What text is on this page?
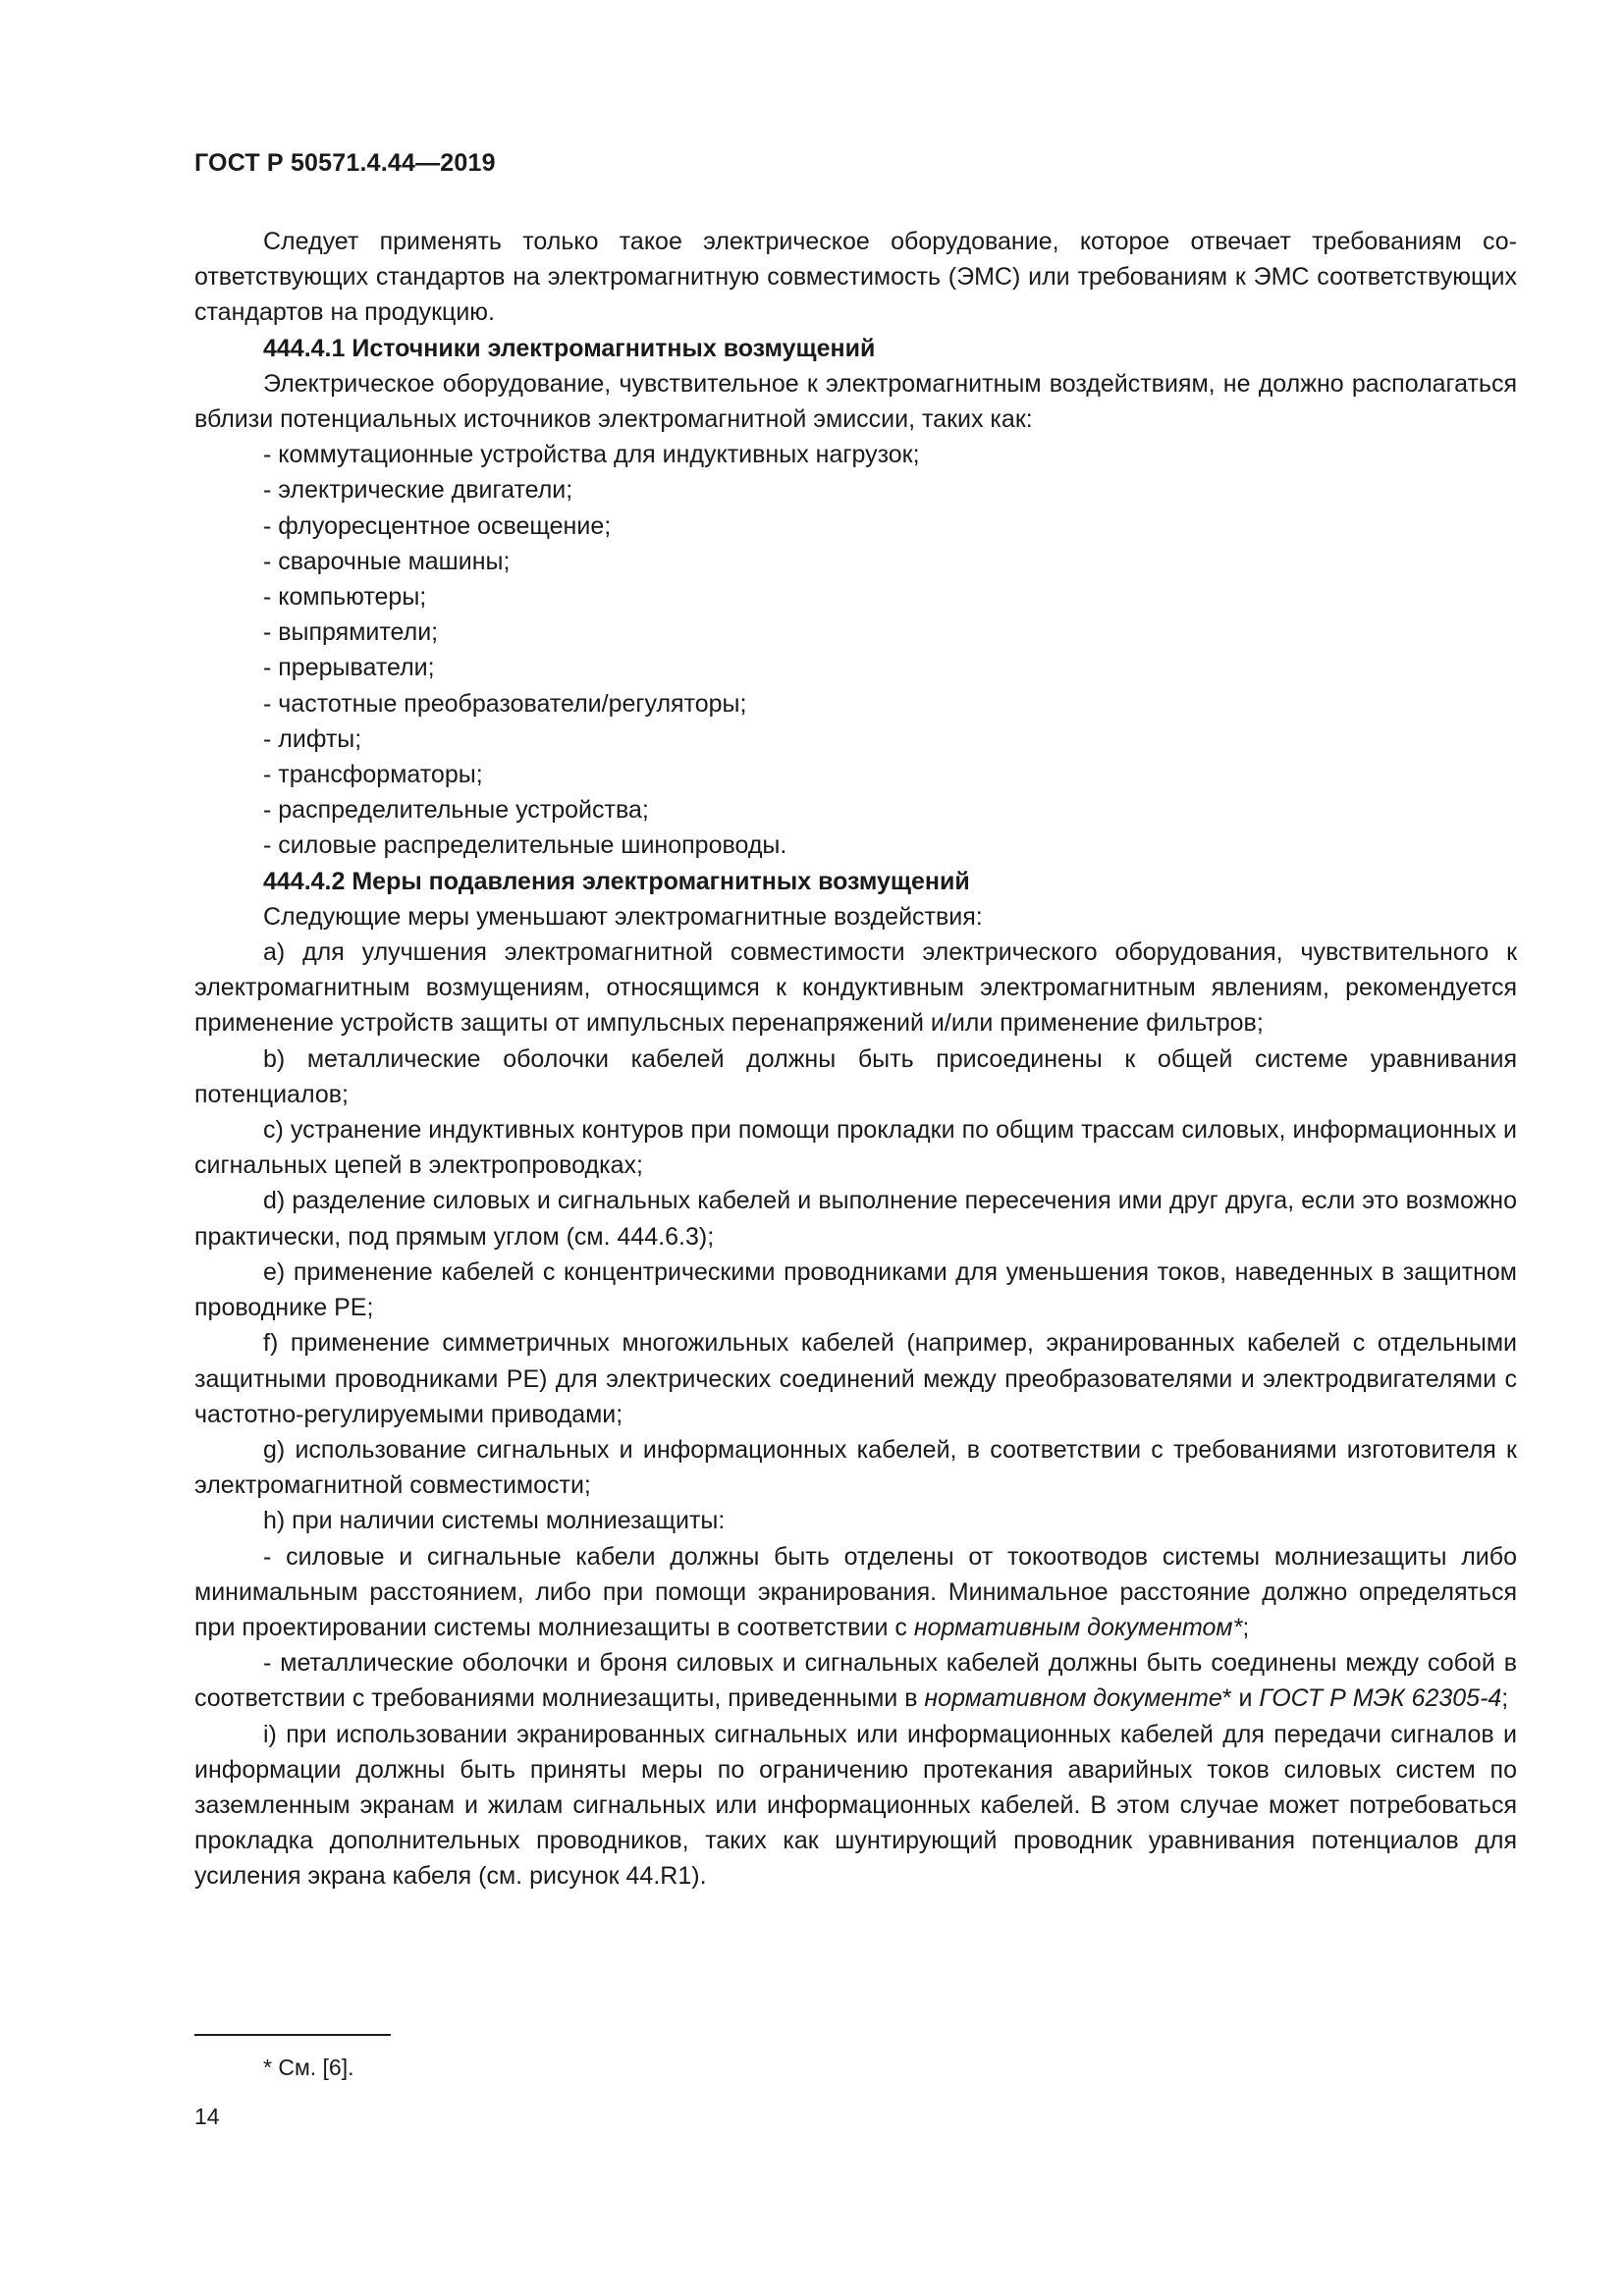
ГОСТ Р 50571.4.44—2019

Следует применять только такое электрическое оборудование, которое отвечает требованиям соответствующих стандартов на электромагнитную совместимость (ЭМС) или требованиям к ЭМС соответствующих стандартов на продукцию.

444.4.1 Источники электромагнитных возмущений

Электрическое оборудование, чувствительное к электромагнитным воздействиям, не должно располагаться вблизи потенциальных источников электромагнитной эмиссии, таких как:

- коммутационные устройства для индуктивных нагрузок;

- электрические двигатели;

- флуоресцентное освещение;

- сварочные машины;

- компьютеры;

- выпрямители;

- прерыватели;

- частотные преобразователи/регуляторы;

- лифты;

- трансформаторы;

- распределительные устройства;

- силовые распределительные шинопроводы.

444.4.2 Меры подавления электромагнитных возмущений

Следующие меры уменьшают электромагнитные воздействия:

а) для улучшения электромагнитной совместимости электрического оборудования, чувствительного к электромагнитным возмущениям, относящимся к кондуктивным электромагнитным явлениям, рекомендуется применение устройств защиты от импульсных перенапряжений и/или применение фильтров;

b) металлические оболочки кабелей должны быть присоединены к общей системе уравнивания потенциалов;

c) устранение индуктивных контуров при помощи прокладки по общим трассам силовых, информационных и сигнальных цепей в электропроводках;

d) разделение силовых и сигнальных кабелей и выполнение пересечения ими друг друга, если это возможно практически, под прямым углом (см. 444.6.3);

е) применение кабелей с концентрическими проводниками для уменьшения токов, наведенных в защитном проводнике РЕ;

f) применение симметричных многожильных кабелей (например, экранированных кабелей с отдельными защитными проводниками РЕ) для электрических соединений между преобразователями и электродвигателями с частотно-регулируемыми приводами;

g) использование сигнальных и информационных кабелей, в соответствии с требованиями изготовителя к электромагнитной совместимости;

h) при наличии системы молниезащиты:

- силовые и сигнальные кабели должны быть отделены от токоотводов системы молниезащиты либо минимальным расстоянием, либо при помощи экранирования. Минимальное расстояние должно определяться при проектировании системы молниезащиты в соответствии с нормативным документом*;

- металлические оболочки и броня силовых и сигнальных кабелей должны быть соединены между собой в соответствии с требованиями молниезащиты, приведенными в нормативном документе* и ГОСТ Р МЭК 62305-4;

i) при использовании экранированных сигнальных или информационных кабелей для передачи сигналов и информации должны быть приняты меры по ограничению протекания аварийных токов силовых систем по заземленным экранам и жилам сигнальных или информационных кабелей. В этом случае может потребоваться прокладка дополнительных проводников, таких как шунтирующий проводник уравнивания потенциалов для усиления экрана кабеля (см. рисунок 44.R1).

* См. [6].
14
